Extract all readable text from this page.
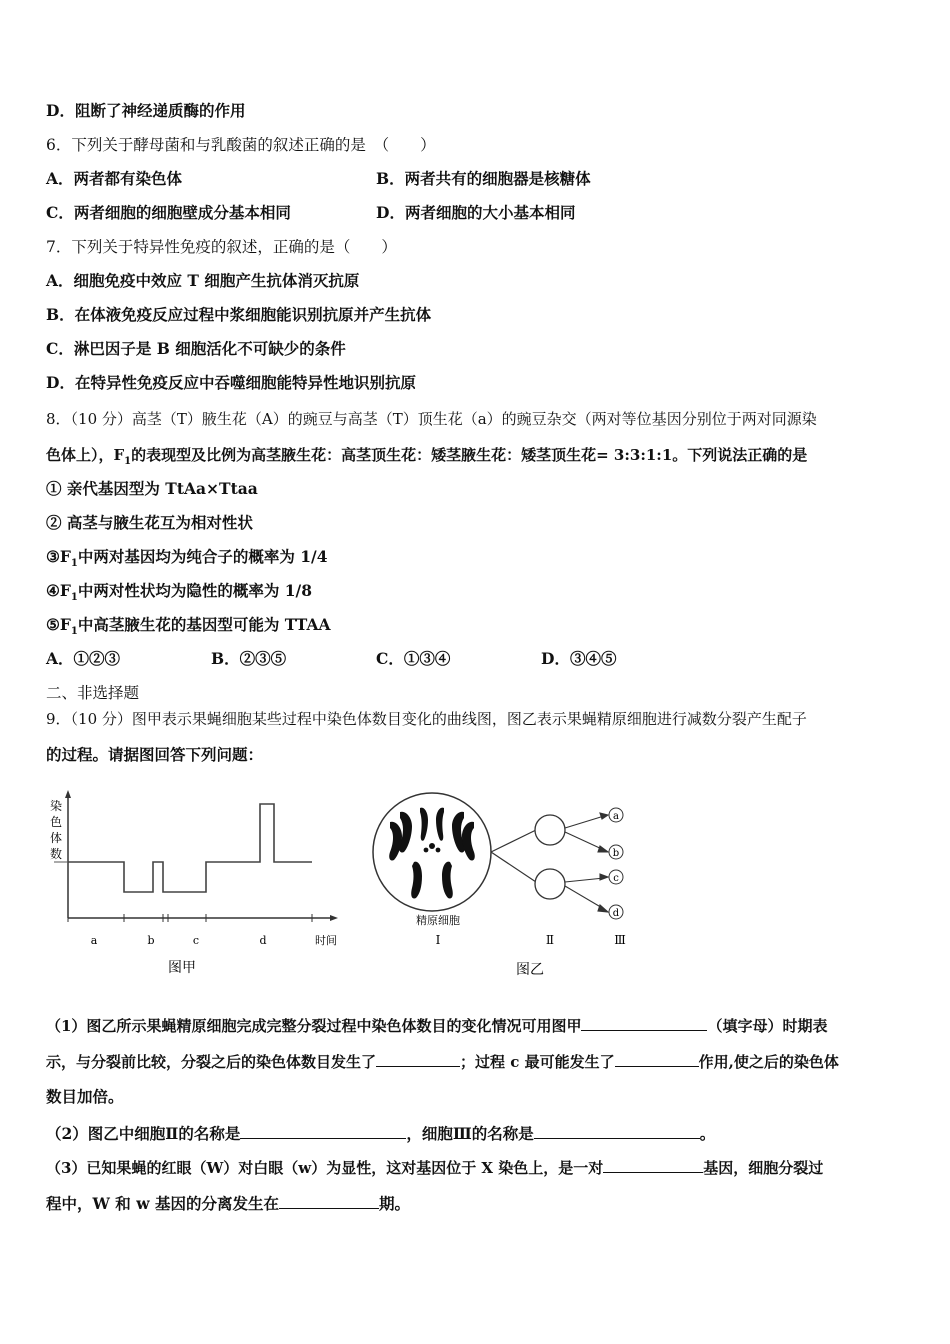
D．阻断了神经递质酶的作用
6．下列关于酵母菌和与乳酸菌的叙述正确的是　（　　）
A．两者都有染色体	B．两者共有的细胞器是核糖体
C．两者细胞的细胞壁成分基本相同	D．两者细胞的大小基本相同
7．下列关于特异性免疫的叙述，正确的是（　　）
A．细胞免疫中效应 T 细胞产生抗体消灭抗原
B．在体液免疫反应过程中浆细胞能识别抗原并产生抗体
C．淋巴因子是 B 细胞活化不可缺少的条件
D．在特异性免疫反应中吞噬细胞能特异性地识别抗原
8．（10 分）高茎（T）腋生花（A）的豌豆与高茎（T）顶生花（a）的豌豆杂交（两对等位基因分别位于两对同源染
色体上），$F_1$的表现型及比例为高茎腋生花：高茎顶生花：矮茎腋生花：矮茎顶生花= 3:3:1:1。下列说法正确的是
① 亲代基因型为 TtAa×Ttaa
② 高茎与腋生花互为相对性状
$③F_1$中两对基因均为纯合子的概率为 1/4
$④F_1$中两对性状均为隐性的概率为 1/8
$⑤F_1$中高茎腋生花的基因型可能为 TTAA
A．①②③	B．②③⑤	C．①③④	D．③④⑤
二、非选择题
9．（10 分）图甲表示果蝇细胞某些过程中染色体数目变化的曲线图，图乙表示果蝇精原细胞进行减数分裂产生配子
的过程。请据图回答下列问题：
染
色
体
数
a	b	c	d	时间
图甲
a
b
c
d
精原细胞
Ⅰ	Ⅱ	Ⅲ
图乙
（1）图乙所示果蝇精原细胞完成完整分裂过程中染色体数目的变化情况可用图甲	（填字母）时期表
示，与分裂前比较，分裂之后的染色体数目发生了	；过程 c 最可能发生了	作用,使之后的染色体
数目加倍。
（2）图乙中细胞Ⅱ的名称是	，细胞Ⅲ的名称是	。
（3）已知果蝇的红眼（W）对白眼（w）为显性，这对基因位于 X 染色上，是一对	基因，细胞分裂过
程中，W 和 w 基因的分离发生在	期。
